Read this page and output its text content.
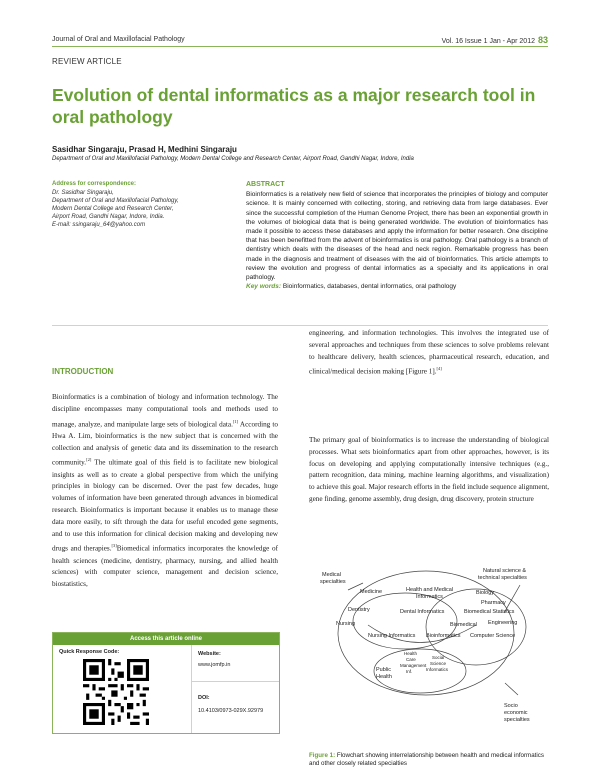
Journal of Oral and Maxillofacial Pathology	Vol. 16 Issue 1 Jan - Apr 2012 83
REVIEW ARTICLE
Evolution of dental informatics as a major research tool in oral pathology
Sasidhar Singaraju, Prasad H, Medhini Singaraju
Department of Oral and Maxillofacial Pathology, Modern Dental College and Research Center, Airport Road, Gandhi Nagar, Indore, India
Address for correspondence:
Dr. Sasidhar Singaraju,
Department of Oral and Maxillofacial Pathology,
Modern Dental College and Research Center,
Airport Road, Gandhi Nagar, Indore, India.
E-mail: ssingaraju_64@yahoo.com
ABSTRACT
Bioinformatics is a relatively new field of science that incorporates the principles of biology and computer science. It is mainly concerned with collecting, storing, and retrieving data from large databases. Ever since the successful completion of the Human Genome Project, there has been an exponential growth in the volumes of biological data that is being generated worldwide. The evolution of bioinformatics has made it possible to access these databases and apply the information for better research. One discipline that has been benefitted from the advent of bioinformatics is oral pathology. Oral pathology is a branch of dentistry which deals with the diseases of the head and neck region. Remarkable progress has been made in the diagnosis and treatment of diseases with the aid of bioinformatics. This article attempts to review the evolution and progress of dental informatics as a specialty and its applications in oral pathology.
Key words: Bioinformatics, databases, dental informatics, oral pathology
INTRODUCTION
Bioinformatics is a combination of biology and information technology. The discipline encompasses many computational tools and methods used to manage, analyze, and manipulate large sets of biological data.[1] According to Hwa A. Lim, bioinformatics is the new subject that is concerned with the collection and analysis of genetic data and its dissemination to the research community.[2] The ultimate goal of this field is to facilitate new biological insights as well as to create a global perspective from which the unifying principles in biology can be discerned. Over the past few decades, huge volumes of information have been generated through advances in biomedical research. Bioinformatics is important because it enables us to manage these data more easily, to sift through the data for useful encoded gene segments, and to use this information for clinical decision making and developing new drugs and therapies.[3]Biomedical informatics incorporates the knowledge of health sciences (medicine, dentistry, pharmacy, nursing, and allied health sciences) with computer science, management and decision science, biostatistics,
engineering, and information technologies. This involves the integrated use of several approaches and techniques from these sciences to solve problems relevant to healthcare delivery, health sciences, pharmaceutical research, education, and clinical/medical decision making [Figure 1].[4]
The primary goal of bioinformatics is to increase the understanding of biological processes. What sets bioinformatics apart from other approaches, however, is its focus on developing and applying computationally intensive techniques (e.g., pattern recognition, data mining, machine learning algorithms, and visualization) to achieve this goal. Major research efforts in the field include sequence alignment, gene finding, genome assembly, drug design, drug discovery, protein structure
Access this article online
Quick Response Code:	Website:
www.jomfp.in
DOI:
10.4103/0973-029X.92979
Medical
specialties
Natural science &
technical specialties
Medicine
Dentistry
Nursing
Health and Medical
Informatics
Dental Informatics
Nursing Informatics
Biology
Pharmacy
Biomedical Statistics
Biomedical Engineering
Bioinformatics Computer Science
Public
Health
Health
Care
Management
Inf.
Social
Science
Informatics
Socio
economic
specialties
Figure 1: Flowchart showing interrelationship between health and medical informatics and other closely related specialties
